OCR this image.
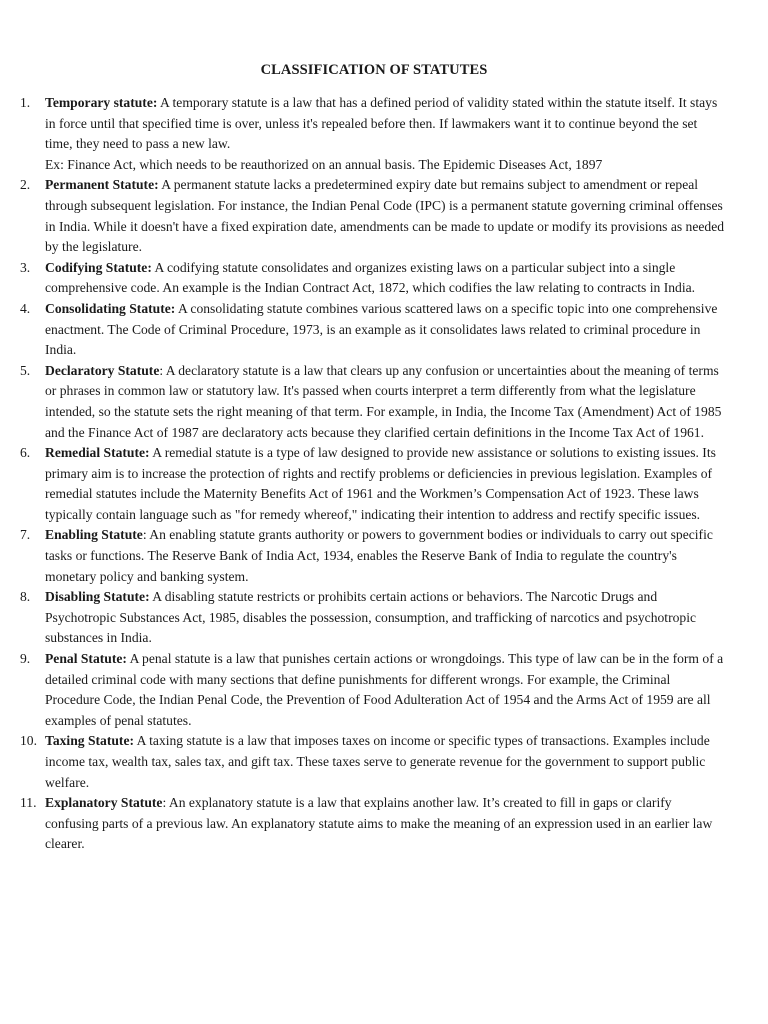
CLASSIFICATION OF STATUTES
1.	Temporary statute: A temporary statute is a law that has a defined period of validity stated within the statute itself. It stays in force until that specified time is over, unless it's repealed before then. If lawmakers want it to continue beyond the set time, they need to pass a new law.
Ex: Finance Act, which needs to be reauthorized on an annual basis. The Epidemic Diseases Act, 1897
2.	Permanent Statute: A permanent statute lacks a predetermined expiry date but remains subject to amendment or repeal through subsequent legislation. For instance, the Indian Penal Code (IPC) is a permanent statute governing criminal offenses in India. While it doesn't have a fixed expiration date, amendments can be made to update or modify its provisions as needed by the legislature.
3.	Codifying Statute: A codifying statute consolidates and organizes existing laws on a particular subject into a single comprehensive code. An example is the Indian Contract Act, 1872, which codifies the law relating to contracts in India.
4.	Consolidating Statute: A consolidating statute combines various scattered laws on a specific topic into one comprehensive enactment. The Code of Criminal Procedure, 1973, is an example as it consolidates laws related to criminal procedure in India.
5.	Declaratory Statute: A declaratory statute is a law that clears up any confusion or uncertainties about the meaning of terms or phrases in common law or statutory law. It's passed when courts interpret a term differently from what the legislature intended, so the statute sets the right meaning of that term. For example, in India, the Income Tax (Amendment) Act of 1985 and the Finance Act of 1987 are declaratory acts because they clarified certain definitions in the Income Tax Act of 1961.
6.	Remedial Statute: A remedial statute is a type of law designed to provide new assistance or solutions to existing issues. Its primary aim is to increase the protection of rights and rectify problems or deficiencies in previous legislation. Examples of remedial statutes include the Maternity Benefits Act of 1961 and the Workmen’s Compensation Act of 1923. These laws typically contain language such as "for remedy whereof," indicating their intention to address and rectify specific issues.
7.	Enabling Statute: An enabling statute grants authority or powers to government bodies or individuals to carry out specific tasks or functions. The Reserve Bank of India Act, 1934, enables the Reserve Bank of India to regulate the country's monetary policy and banking system.
8.	Disabling Statute: A disabling statute restricts or prohibits certain actions or behaviors. The Narcotic Drugs and Psychotropic Substances Act, 1985, disables the possession, consumption, and trafficking of narcotics and psychotropic substances in India.
9.	Penal Statute: A penal statute is a law that punishes certain actions or wrongdoings. This type of law can be in the form of a detailed criminal code with many sections that define punishments for different wrongs. For example, the Criminal Procedure Code, the Indian Penal Code, the Prevention of Food Adulteration Act of 1954 and the Arms Act of 1959 are all examples of penal statutes.
10. Taxing Statute: A taxing statute is a law that imposes taxes on income or specific types of transactions. Examples include income tax, wealth tax, sales tax, and gift tax. These taxes serve to generate revenue for the government to support public welfare.
11. Explanatory Statute: An explanatory statute is a law that explains another law. It’s created to fill in gaps or clarify confusing parts of a previous law. An explanatory statute aims to make the meaning of an expression used in an earlier law clearer.
